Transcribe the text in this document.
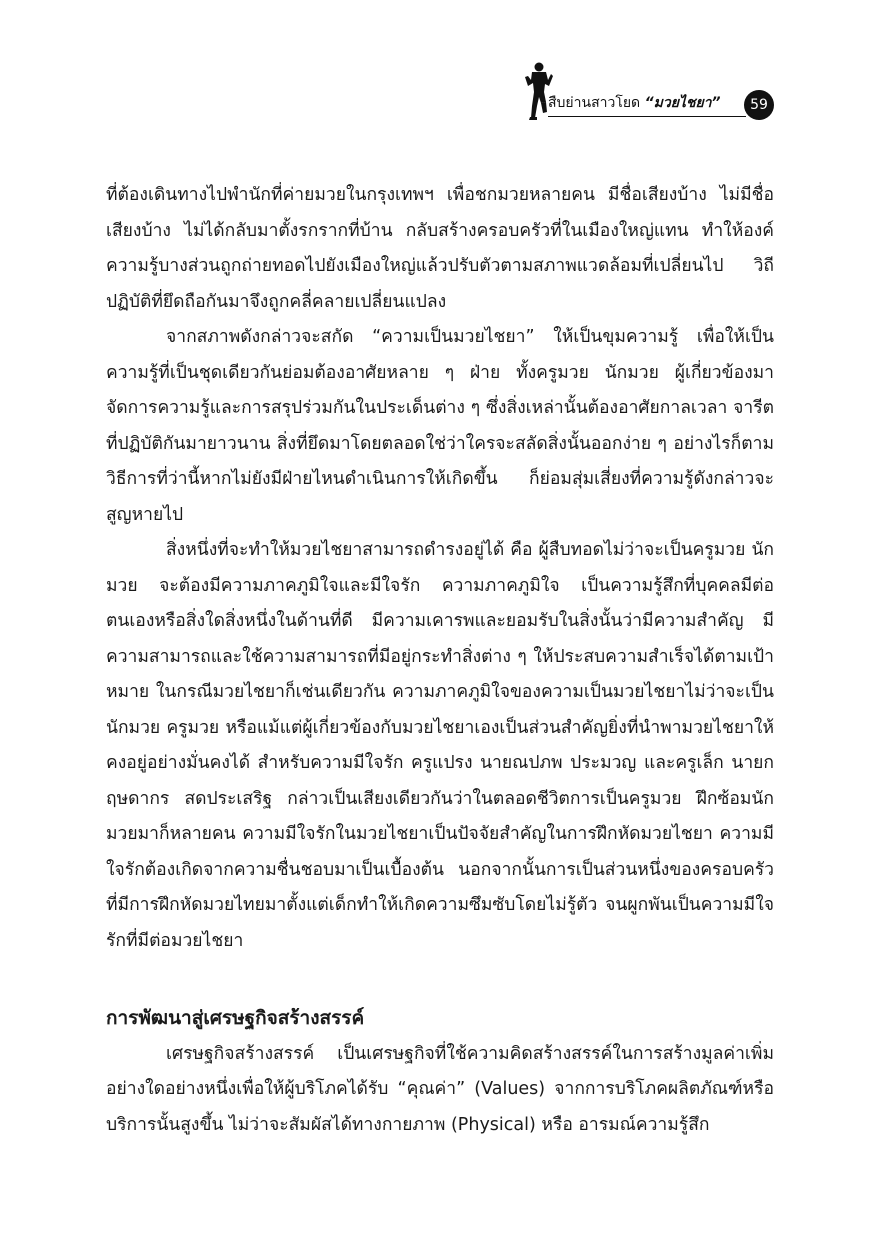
สืบย่านสาวโยด “มวยไชยา”	59

ที่ต้องเดินทางไปพำนักที่ค่ายมวยในกรุงเทพฯ เพื่อชกมวยหลายคน มีชื่อเสียงบ้าง ไม่มีชื่อเสียงบ้าง ไม่ได้กลับมาตั้งรกรากที่บ้าน กลับสร้างครอบครัวที่ในเมืองใหญ่แทน ทำให้องค์ความรู้บางส่วนถูกถ่ายทอดไปยังเมืองใหญ่แล้วปรับตัวตามสภาพแวดล้อมที่เปลี่ยนไป วิถีปฏิบัติที่ยึดถือกันมาจึงถูกคลี่คลายเปลี่ยนแปลง

จากสภาพดังกล่าวจะสกัด “ความเป็นมวยไชยา” ให้เป็นขุมความรู้ เพื่อให้เป็นความรู้ที่เป็นชุดเดียวกันย่อมต้องอาศัยหลาย ๆ ฝ่าย ทั้งครูมวย นักมวย ผู้เกี่ยวข้องมาจัดการความรู้และการสรุปร่วมกันในประเด็นต่าง ๆ ซึ่งสิ่งเหล่านั้นต้องอาศัยกาลเวลา จารีตที่ปฏิบัติกันมายาวนาน สิ่งที่ยึดมาโดยตลอดใช่ว่าใครจะสลัดสิ่งนั้นออกง่าย ๆ อย่างไรก็ตามวิธีการที่ว่านี้หากไม่ยังมีฝ่ายไหนดำเนินการให้เกิดขึ้น ก็ย่อมสุ่มเสี่ยงที่ความรู้ดังกล่าวจะสูญหายไป

สิ่งหนึ่งที่จะทำให้มวยไชยาสามารถดำรงอยู่ได้ คือ ผู้สืบทอดไม่ว่าจะเป็นครูมวย นักมวย จะต้องมีความภาคภูมิใจและมีใจรัก ความภาคภูมิใจ เป็นความรู้สึกที่บุคคลมีต่อตนเองหรือสิ่งใดสิ่งหนึ่งในด้านที่ดี มีความเคารพและยอมรับในสิ่งนั้นว่ามีความสำคัญ มีความสามารถและใช้ความสามารถที่มีอยู่กระทำสิ่งต่าง ๆ ให้ประสบความสำเร็จได้ตามเป้าหมาย ในกรณีมวยไชยาก็เช่นเดียวกัน ความภาคภูมิใจของความเป็นมวยไชยาไม่ว่าจะเป็นนักมวย ครูมวย หรือแม้แต่ผู้เกี่ยวข้องกับมวยไชยาเองเป็นส่วนสำคัญยิ่งที่นำพามวยไชยาให้คงอยู่อย่างมั่นคงได้ สำหรับความมีใจรัก ครูแปรง นายณปภพ ประมวญ และครูเล็ก นายกฤษดากร สดประเสริฐ กล่าวเป็นเสียงเดียวกันว่าในตลอดชีวิตการเป็นครูมวย ฝึกซ้อมนักมวยมาก็หลายคน ความมีใจรักในมวยไชยาเป็นปัจจัยสำคัญในการฝึกหัดมวยไชยา ความมีใจรักต้องเกิดจากความชื่นชอบมาเป็นเบื้องต้น นอกจากนั้นการเป็นส่วนหนึ่งของครอบครัวที่มีการฝึกหัดมวยไทยมาตั้งแต่เด็กทำให้เกิดความซึมซับโดยไม่รู้ตัว จนผูกพันเป็นความมีใจรักที่มีต่อมวยไชยา

การพัฒนาสู่เศรษฐกิจสร้างสรรค์

เศรษฐกิจสร้างสรรค์ เป็นเศรษฐกิจที่ใช้ความคิดสร้างสรรค์ในการสร้างมูลค่าเพิ่มอย่างใดอย่างหนึ่งเพื่อให้ผู้บริโภคได้รับ “คุณค่า” (Values) จากการบริโภคผลิตภัณฑ์หรือบริการนั้นสูงขึ้น ไม่ว่าจะสัมผัสได้ทางกายภาพ (Physical) หรือ อารมณ์ความรู้สึก
